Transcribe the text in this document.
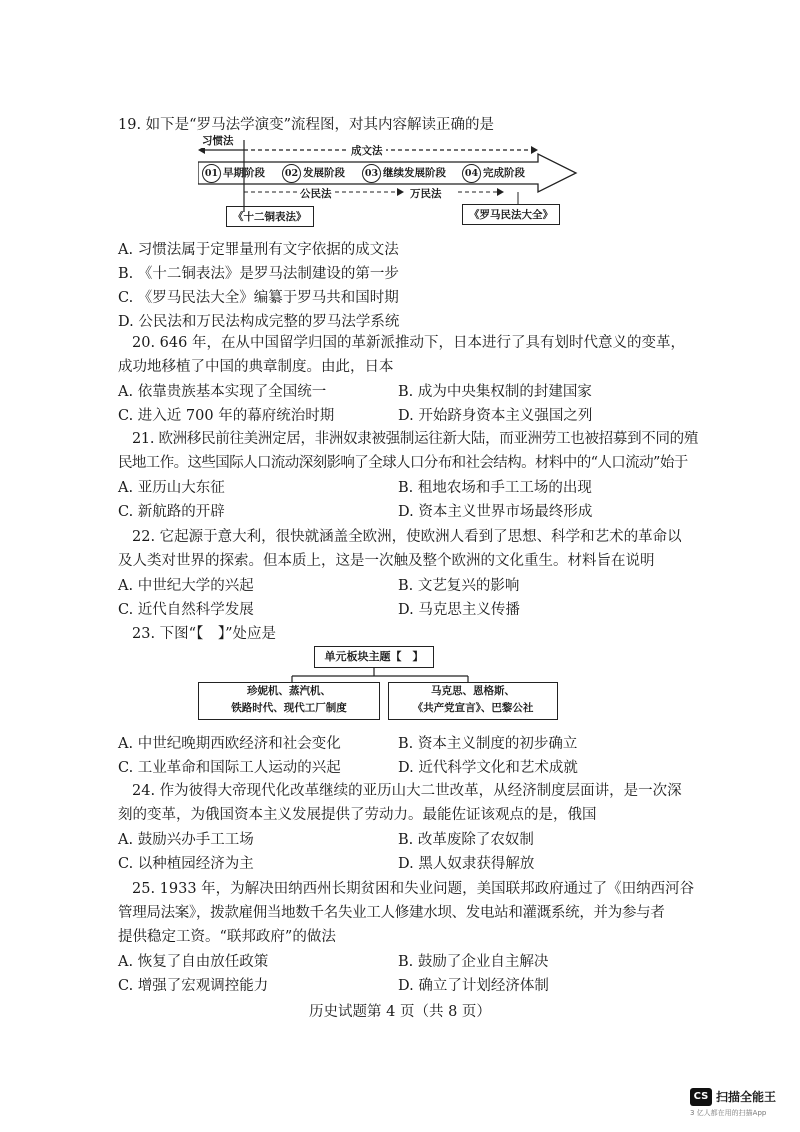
19. 如下是“罗马法学演变”流程图，对其内容解读正确的是
习惯法
成文法
01 早期阶段	02 发展阶段	03 继续发展阶段	04 完成阶段
公民法	万民法
《十二铜表法》	《罗马民法大全》
A. 习惯法属于定罪量刑有文字依据的成文法
B. 《十二铜表法》是罗马法制建设的第一步
C. 《罗马民法大全》编纂于罗马共和国时期
D. 公民法和万民法构成完整的罗马法学系统
20. 646 年，在从中国留学归国的革新派推动下，日本进行了具有划时代意义的变革，
成功地移植了中国的典章制度。由此，日本
A. 依靠贵族基本实现了全国统一	B. 成为中央集权制的封建国家
C. 进入近 700 年的幕府统治时期	D. 开始跻身资本主义强国之列
21. 欧洲移民前往美洲定居，非洲奴隶被强制运往新大陆，而亚洲劳工也被招募到不同的殖
民地工作。这些国际人口流动深刻影响了全球人口分布和社会结构。材料中的“人口流动”始于
A. 亚历山大东征	B. 租地农场和手工工场的出现
C. 新航路的开辟	D. 资本主义世界市场最终形成
22. 它起源于意大利，很快就涵盖全欧洲，使欧洲人看到了思想、科学和艺术的革命以
及人类对世界的探索。但本质上，这是一次触及整个欧洲的文化重生。材料旨在说明
A. 中世纪大学的兴起	B. 文艺复兴的影响
C. 近代自然科学发展	D. 马克思主义传播
23. 下图“【　】”处应是
单元板块主题【　】
珍妮机、蒸汽机、
铁路时代、现代工厂制度
马克思、恩格斯、
《共产党宣言》、巴黎公社
A. 中世纪晚期西欧经济和社会变化	B. 资本主义制度的初步确立
C. 工业革命和国际工人运动的兴起	D. 近代科学文化和艺术成就
24. 作为彼得大帝现代化改革继续的亚历山大二世改革，从经济制度层面讲，是一次深
刻的变革，为俄国资本主义发展提供了劳动力。最能佐证该观点的是，俄国
A. 鼓励兴办手工工场	B. 改革废除了农奴制
C. 以种植园经济为主	D. 黑人奴隶获得解放
25. 1933 年，为解决田纳西州长期贫困和失业问题，美国联邦政府通过了《田纳西河谷
管理局法案》，拨款雇佣当地数千名失业工人修建水坝、发电站和灌溉系统，并为参与者
提供稳定工资。“联邦政府”的做法
A. 恢复了自由放任政策	B. 鼓励了企业自主解决
C. 增强了宏观调控能力	D. 确立了计划经济体制
历史试题第 4 页（共 8 页）
CS 扫描全能王
3 亿人都在用的扫描App
